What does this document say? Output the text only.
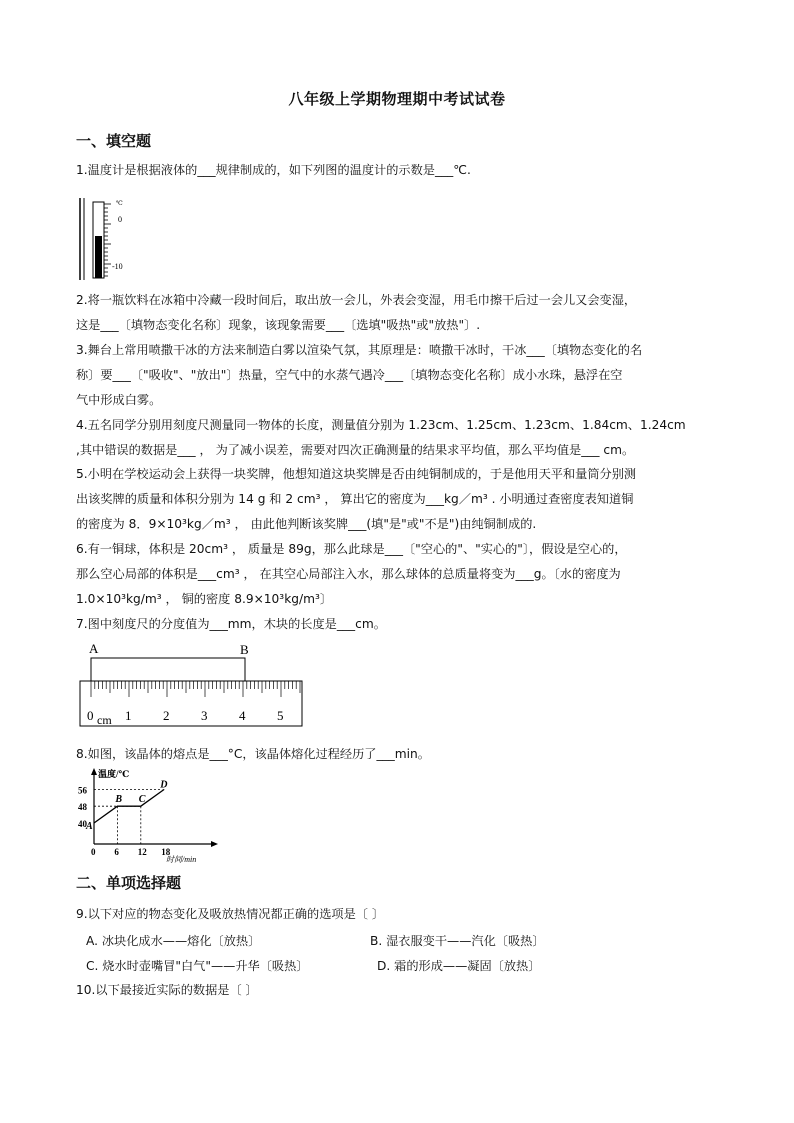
八年级上学期物理期中考试试卷
一、填空题
1.温度计是根据液体的___规律制成的，如下列图的温度计的示数是___℃.
℃
0
-10
2.将一瓶饮料在冰箱中冷藏一段时间后，取出放一会儿，外表会变湿，用毛巾擦干后过一会儿又会变湿，
这是___〔填物态变化名称〕现象，该现象需要___〔选填"吸热"或"放热"〕.
3.舞台上常用喷撒干冰的方法来制造白雾以渲染气氛，其原理是：喷撒干冰时，干冰___〔填物态变化的名
称〕要___〔"吸收"、"放出"〕热量，空气中的水蒸气遇冷___〔填物态变化名称〕成小水珠，悬浮在空
气中形成白雾。
4.五名同学分别用刻度尺测量同一物体的长度，测量值分别为 1.23cm、1.25cm、1.23cm、1.84cm、1.24cm
,其中错误的数据是___ ， 为了减小误差，需要对四次正确测量的结果求平均值，那么平均值是___ cm。
5.小明在学校运动会上获得一块奖牌，他想知道这块奖牌是否由纯铜制成的，于是他用天平和量筒分别测
出该奖牌的质量和体积分别为 14 g 和 2 cm³ ， 算出它的密度为___kg／m³ . 小明通过查密度表知道铜
的密度为 8．9×10³kg／m³ ， 由此他判断该奖牌___(填"是"或"不是")由纯铜制成的.
6.有一铜球，体积是 20cm³ ， 质量是 89g，那么此球是___〔"空心的"、"实心的"〕，假设是空心的，
那么空心局部的体积是___cm³ ， 在其空心局部注入水，那么球体的总质量将变为___g。〔水的密度为
1.0×10³kg/m³ ， 铜的密度 8.9×10³kg/m³〕
7.图中刻度尺的分度值为___mm，木块的长度是___cm。
A	B
0 1 2 3 4 5
cm
8.如图，该晶体的熔点是___°C，该晶体熔化过程经历了___min。
温度/℃
时间/min
56
48
40
0 6 12 18
A
B C
D
二、单项选择题
9.以下对应的物态变化及吸放热情况都正确的选项是〔 〕
A. 冰块化成水——熔化〔放热〕	B. 湿衣服变干——汽化〔吸热〕
C. 烧水时壶嘴冒"白气"——升华〔吸热〕	D. 霜的形成——凝固〔放热〕
10.以下最接近实际的数据是〔 〕
